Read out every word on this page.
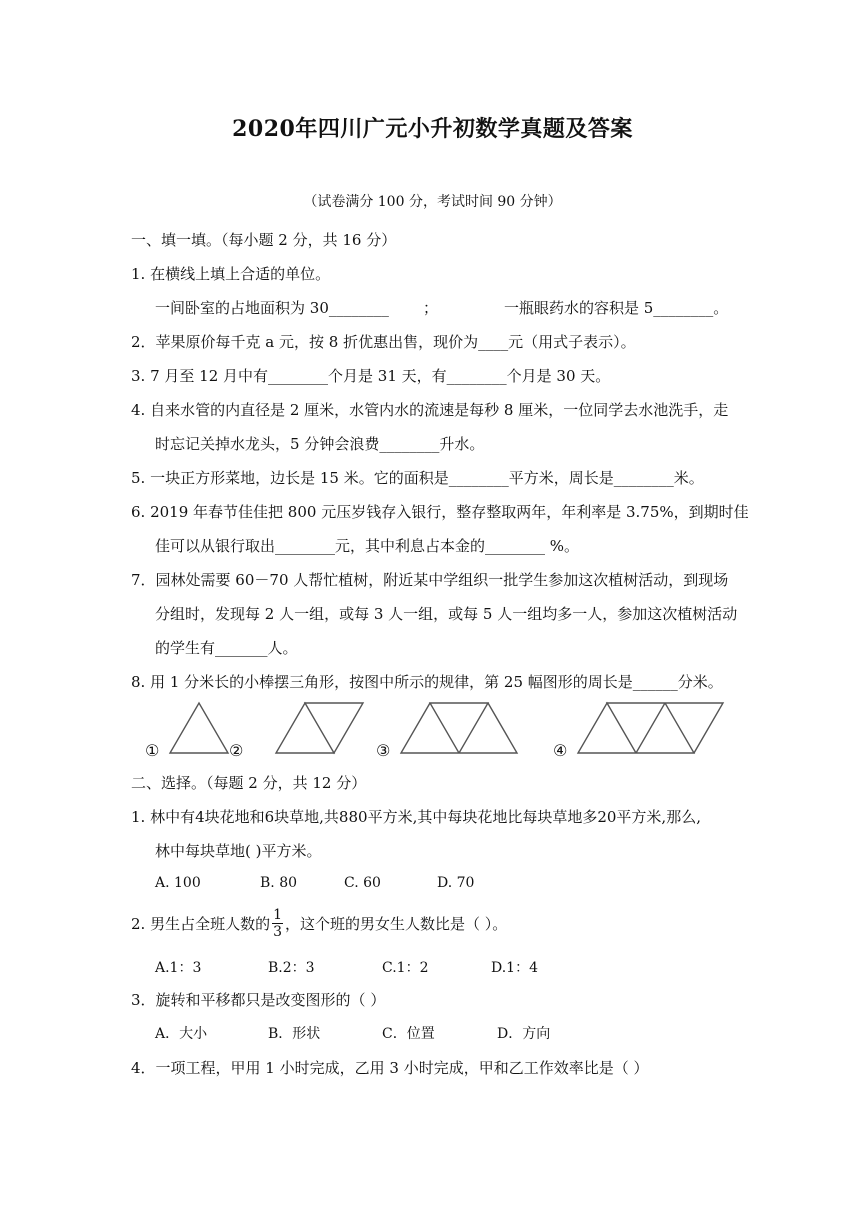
2020年四川广元小升初数学真题及答案
（试卷满分 100 分，考试时间 90 分钟）
一、填一填。（每小题 2 分，共 16 分）
1. 在横线上填上合适的单位。
一间卧室的占地面积为 30________ ；	一瓶眼药水的容积是 5________。
2．苹果原价每千克 a 元，按 8 折优惠出售，现价为____元（用式子表示）。
3. 7 月至 12 月中有________个月是 31 天，有________个月是 30 天。
4. 自来水管的内直径是 2 厘米，水管内水的流速是每秒 8 厘米，一位同学去水池洗手，走
时忘记关掉水龙头，5 分钟会浪费________升水。
5. 一块正方形菜地，边长是 15 米。它的面积是________平方米，周长是________米。
6. 2019 年春节佳佳把 800 元压岁钱存入银行，整存整取两年，年利率是 3.75%，到期时佳
佳可以从银行取出________元，其中利息占本金的________ %。
7．园林处需要 60－70 人帮忙植树，附近某中学组织一批学生参加这次植树活动，到现场
分组时，发现每 2 人一组，或每 3 人一组，或每 5 人一组均多一人，参加这次植树活动
的学生有_______人。
8. 用 1 分米长的小棒摆三角形，按图中所示的规律，第 25 幅图形的周长是______分米。
①	②	③	④
二、选择。（每题 2 分，共 12 分）
1. 林中有4块花地和6块草地,共880平方米,其中每块花地比每块草地多20平方米,那么,
林中每块草地( )平方米。
A. 100	B. 80	C. 60	D. 70
2. 男生占全班人数的 $\frac{1}{3}$ ，这个班的男女生人数比是（ ）。
A.1：3	B.2：3	C.1：2	D.1：4
3．旋转和平移都只是改变图形的（ ）
A．大小	B．形状	C．位置	D．方向
4．一项工程，甲用 1 小时完成，乙用 3 小时完成，甲和乙工作效率比是（ ）
